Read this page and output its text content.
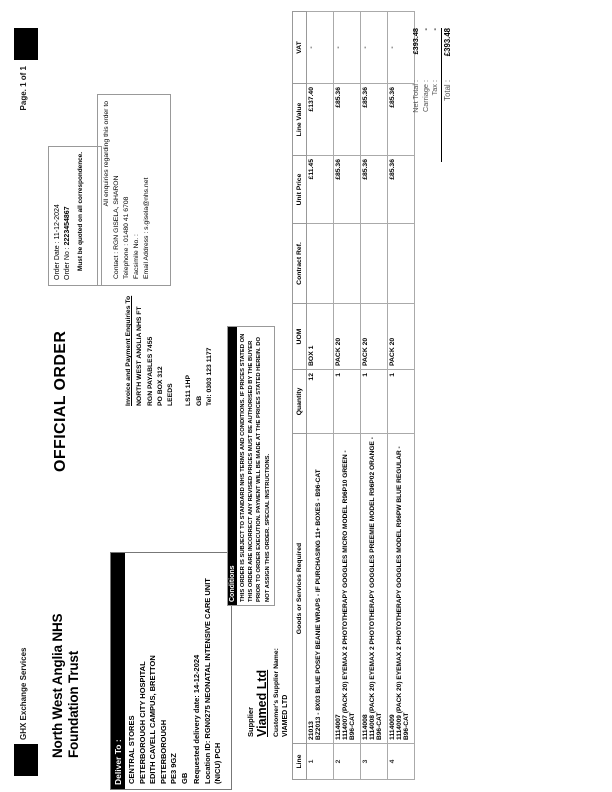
GHX Exchange Services
Page. 1 of 1
North West Anglia NHS Foundation Trust
OFFICIAL ORDER
Order Date : 11-12-2024
Order No : 2223454867 Must be quoted on all correspondence.	All enquiries regarding this order to
Contact : RGN GISELA, SHARON
Telephone : 01480 41 6708
Facsimile No. : Email Address : s.gisela@nhs.net
Deliver To : CENTRAL STORES PETERBOROUGH CITY HOSPITAL EDITH CAVELL CAMPUS, BRETTON PETERBOROUGH PE3 9GZ GB Requested delivery date: 14-12-2024 Location ID: RGN0275 NEONATAL INTENSIVE CARE UNIT (NICU) PCH
Invoice and Payment Enquiries To NORTH WEST ANGLIA NHS FT RGN PAYABLES 7455 PO BOX 312 LEEDS	LS11 1HP GB Tel: 0303 123 1177
Conditions THIS ORDER IS SUBJECT TO STANDARD NHS TERMS AND CONDITIONS. IF PRICES STATED ON THIS ORDER ARE INCORRECT ANY REVISED PRICES MUST BE AUTHORISED BY THE BUYER PRIOR TO ORDER EXECUTION. PAYMENT WILL BE MADE AT THE PRICES STATED HEREIN. DO NOT ASSIGN THIS ORDER. SPECIAL INSTRUCTIONS.
Supplier Viamed Ltd Customer's Supplier Name: VIAMED LTD
Line	Goods or Services Required	Quantity	UOM	Contract Ref.	Unit Price	Line Value	VAT
1	21013 BZ2013 - 8X03 BLUE POSEY BEANIE WRAPS - IF PURCHASING 11+ BOXES - B96-CAT	12	BOX 1		£11.45	£137.40	-
2	1114007 1114007 (PACK 20) EYEMAX 2 PHOTOTHERAPY GOGGLES MICRO MODEL R96P10 GREEN - B96-CAT	1	PACK 20		£85.36	£85.36	-
3	1114008 1114008 (PACK 20) EYEMAX 2 PHOTOTHERAPY GOGGLES PREEMIE MODEL R96P02 ORANGE - B96-CAT	1	PACK 20		£85.36	£85.36	-
4	1114009 1114009 (PACK 20) EYEMAX 2 PHOTOTHERAPY GOGGLES MODEL R96PW BLUE REGULAR - B96-CAT	1	PACK 20		£85.36	£85.36	-
Net Total :
£393.48
Carriage :
-
Tax :
-
Total :
£393.48
